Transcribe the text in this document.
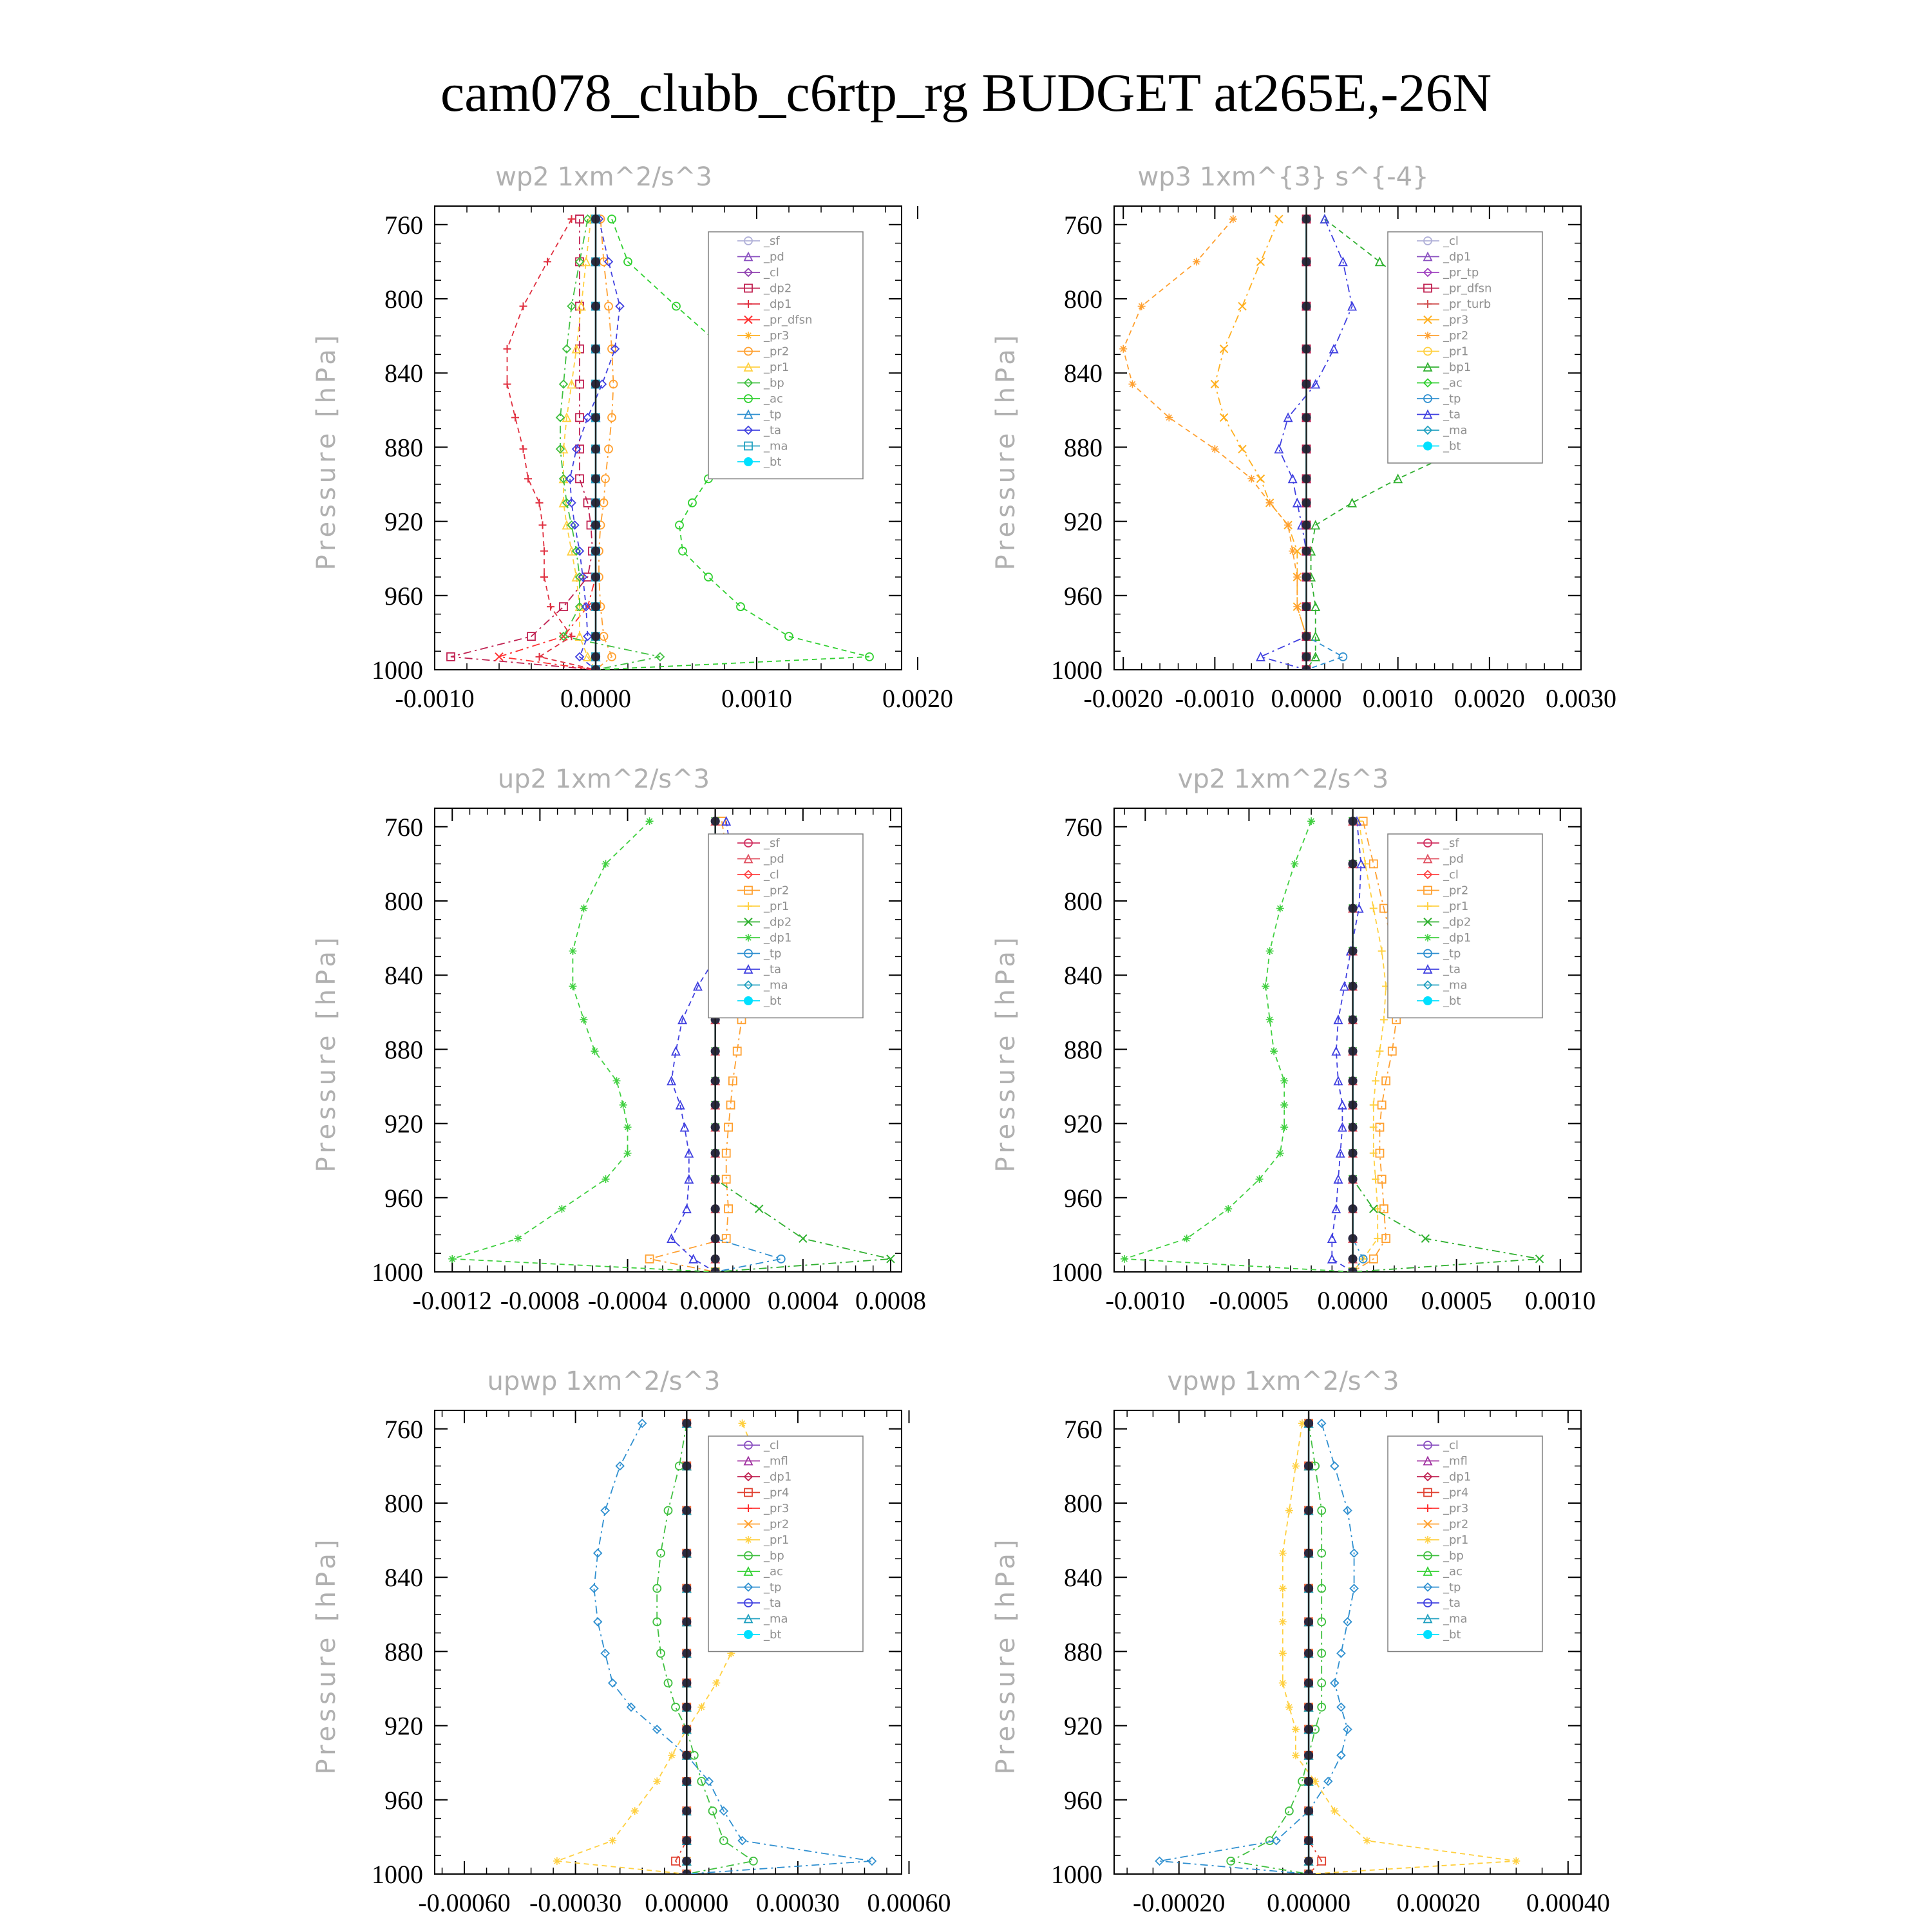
cam078_clubb_c6rtp_rg BUDGET at265E,-26N
wp2 1xm^2/s^3
Pressure [hPa]
760
800
840
880
920
960
1000
-0.0010	0.0000	0.0010	0.0020
_sf
_pd
_cl
_dp2
_dp1
_pr_dfsn
_pr3
_pr2
_pr1
_bp
_ac
_tp
_ta
_ma
_bt
wp3 1xm^{3} s^{-4}
Pressure [hPa]
760
800
840
880
920
960
1000
-0.0020 -0.0010 0.0000 0.0010 0.0020 0.0030
_cl
_dp1
_pr_tp
_pr_dfsn
_pr_turb
_pr3
_pr2
_pr1
_bp1
_ac
_tp
_ta
_ma
_bt
up2 1xm^2/s^3
Pressure [hPa]
760
800
840
880
920
960
1000
-0.0012 -0.0008 -0.0004 0.0000 0.0004 0.0008
_sf
_pd
_cl
_pr2
_pr1
_dp2
_dp1
_tp
_ta
_ma
_bt
vp2 1xm^2/s^3
Pressure [hPa]
760
800
840
880
920
960
1000
-0.0010 -0.0005 0.0000 0.0005 0.0010
_sf
_pd
_cl
_pr2
_pr1
_dp2
_dp1
_tp
_ta
_ma
_bt
upwp 1xm^2/s^3
Pressure [hPa]
760
800
840
880
920
960
1000
-0.00060 -0.00030 0.00000 0.00030 0.00060
_cl
_mfl
_dp1
_pr4
_pr3
_pr2
_pr1
_bp
_ac
_tp
_ta
_ma
_bt
vpwp 1xm^2/s^3
Pressure [hPa]
760
800
840
880
920
960
1000
-0.00020 0.00000 0.00020 0.00040
_cl
_mfl
_dp1
_pr4
_pr3
_pr2
_pr1
_bp
_ac
_tp
_ta
_ma
_bt
